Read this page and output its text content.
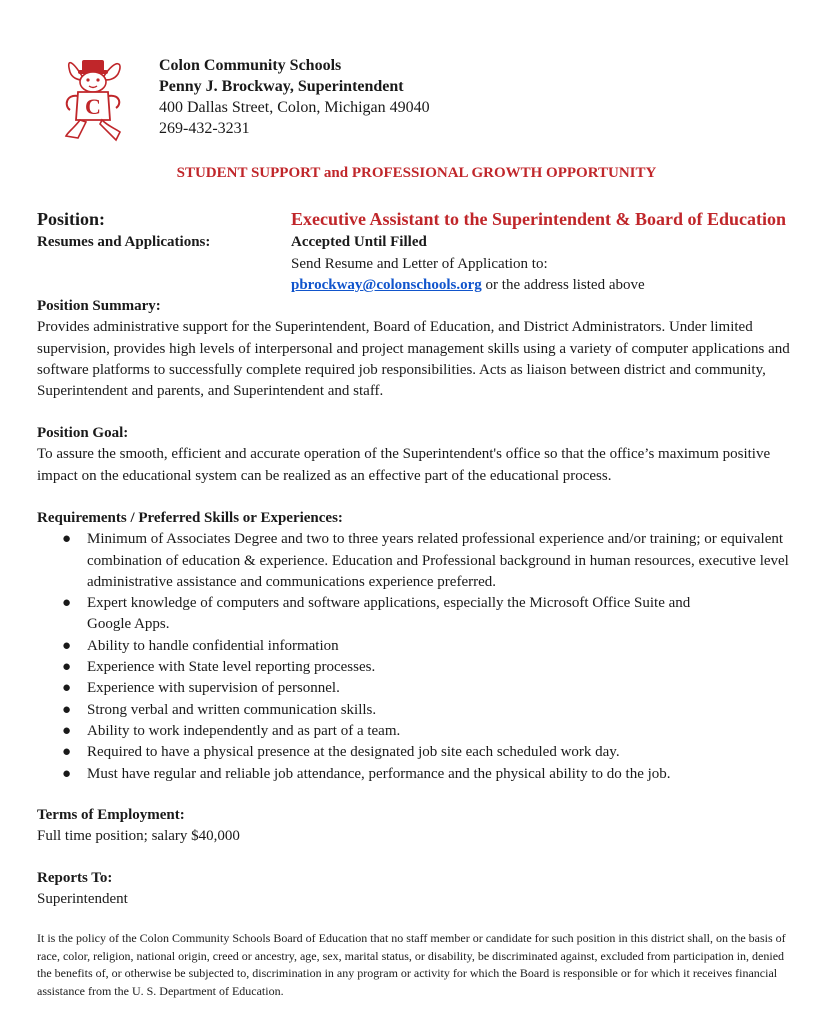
C
Colon Community Schools
Penny J. Brockway, Superintendent
400 Dallas Street, Colon, Michigan 49040
269-432-3231
STUDENT SUPPORT and PROFESSIONAL GROWTH OPPORTUNITY
Position:	Executive Assistant to the Superintendent & Board of Education
Resumes and Applications:	Accepted Until Filled
Send Resume and Letter of Application to:
pbrockway@colonschools.org or the address listed above
Position Summary:

Provides administrative support for the Superintendent, Board of Education, and District Administrators. Under limited supervision, provides high levels of interpersonal and project management skills using a variety of computer applications and software platforms to successfully complete required job responsibilities. Acts as liaison between district and community, Superintendent and parents, and Superintendent and staff.

Position Goal:

To assure the smooth, efficient and accurate operation of the Superintendent's office so that the office’s maximum positive impact on the educational system can be realized as an effective part of the educational process.

Requirements / Preferred Skills or Experiences:
● Minimum of Associates Degree and two to three years related professional experience and/or training; or equivalent combination of education & experience. Education and Professional background in human resources, executive level administrative assistance and communications experience preferred.
● Expert knowledge of computers and software applications, especially the Microsoft Office Suite and Google Apps.
● Ability to handle confidential information
● Experience with State level reporting processes.
● Experience with supervision of personnel.
● Strong verbal and written communication skills.
● Ability to work independently and as part of a team.
● Required to have a physical presence at the designated job site each scheduled work day.
● Must have regular and reliable job attendance, performance and the physical ability to do the job.
Terms of Employment:

Full time position; salary $40,000

Reports To:

Superintendent

It is the policy of the Colon Community Schools Board of Education that no staff member or candidate for such position in this district shall, on the basis of race, color, religion, national origin, creed or ancestry, age, sex, marital status, or disability, be discriminated against, excluded from participation in, denied the benefits of, or otherwise be subjected to, discrimination in any program or activity for which the Board is responsible or for which it receives financial assistance from the U. S. Department of Education.
